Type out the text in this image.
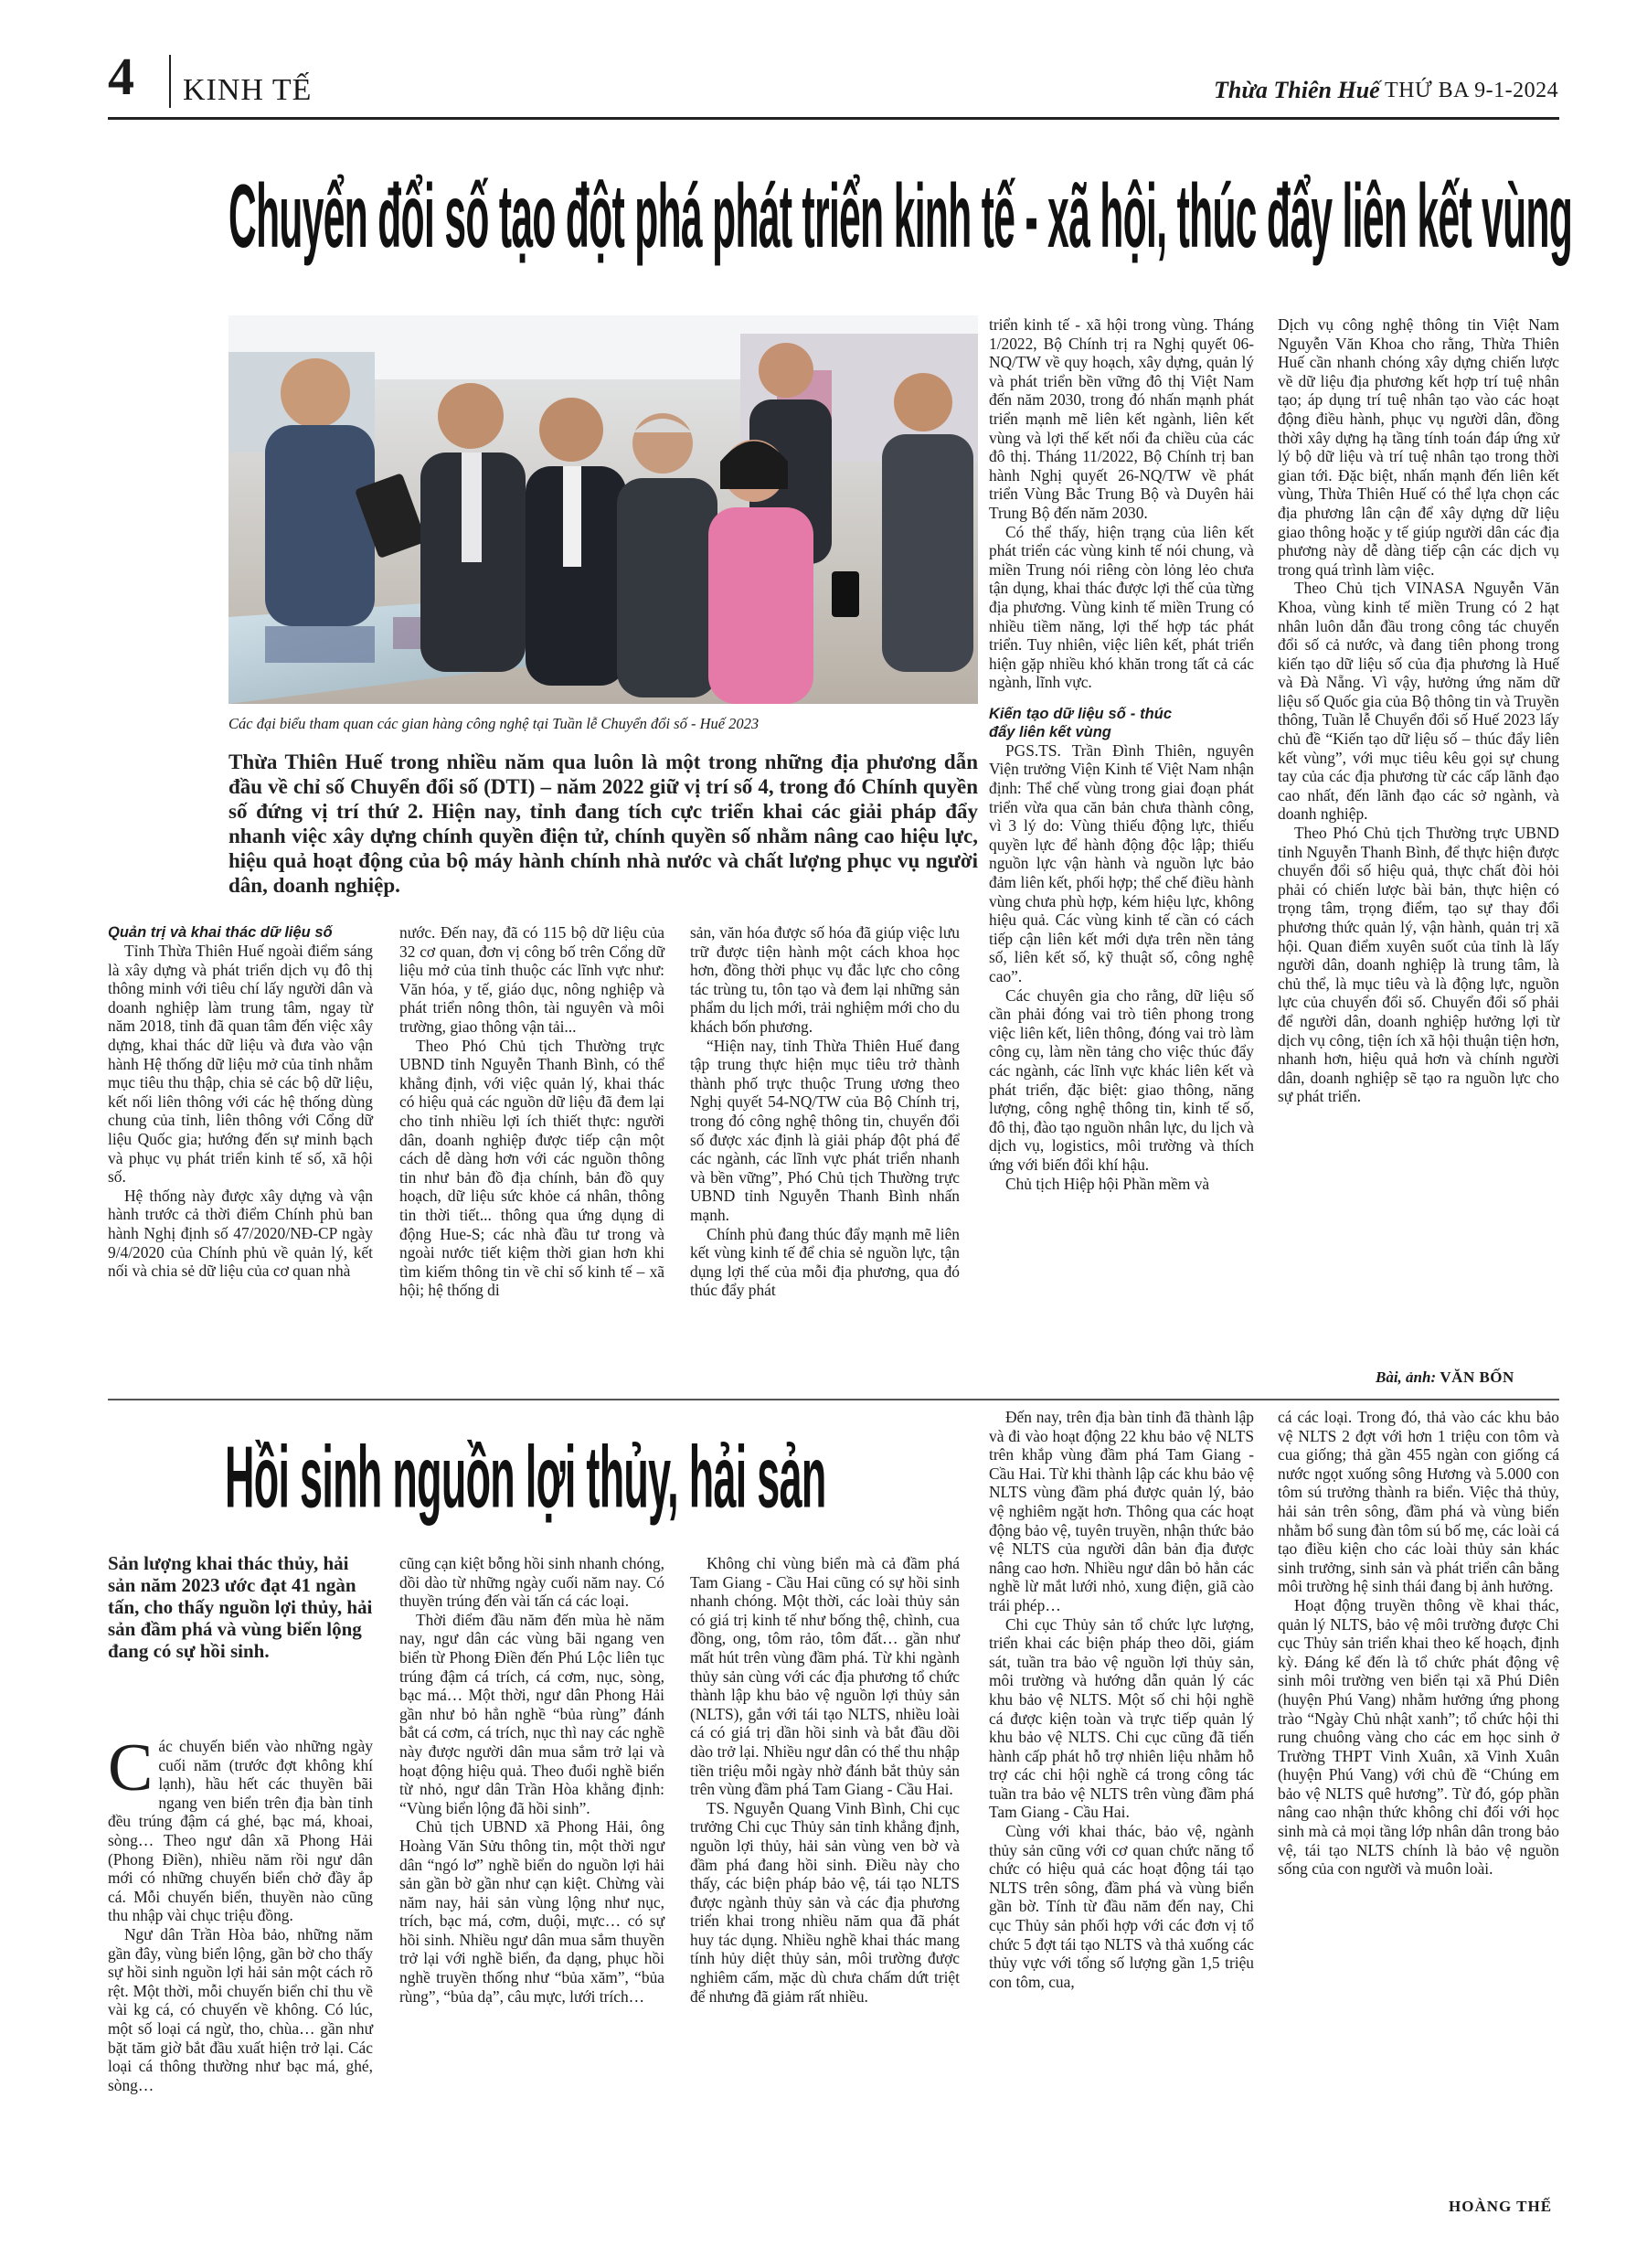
4 KINH TẾ	Thừa Thiên Huế THỨ BA 9-1-2024
Chuyển đổi số tạo đột phá phát triển kinh tế - xã hội, thúc đẩy liên kết vùng
Các đại biểu tham quan các gian hàng công nghệ tại Tuần lễ Chuyển đổi số - Huế 2023
Thừa Thiên Huế trong nhiều năm qua luôn là một trong những địa phương dẫn đầu về chỉ số Chuyển đổi số (DTI) – năm 2022 giữ vị trí số 4, trong đó Chính quyền số đứng vị trí thứ 2. Hiện nay, tỉnh đang tích cực triển khai các giải pháp đẩy nhanh việc xây dựng chính quyền điện tử, chính quyền số nhằm nâng cao hiệu lực, hiệu quả hoạt động của bộ máy hành chính nhà nước và chất lượng phục vụ người dân, doanh nghiệp.
Quản trị và khai thác dữ liệu số

Tỉnh Thừa Thiên Huế ngoài điểm sáng là xây dựng và phát triển dịch vụ đô thị thông minh với tiêu chí lấy người dân và doanh nghiệp làm trung tâm, ngay từ năm 2018, tỉnh đã quan tâm đến việc xây dựng, khai thác dữ liệu và đưa vào vận hành Hệ thống dữ liệu mở của tỉnh nhằm mục tiêu thu thập, chia sẻ các bộ dữ liệu, kết nối liên thông với các hệ thống dùng chung của tỉnh, liên thông với Cổng dữ liệu Quốc gia; hướng đến sự minh bạch và phục vụ phát triển kinh tế số, xã hội số.

Hệ thống này được xây dựng và vận hành trước cả thời điểm Chính phủ ban hành Nghị định số 47/2020/NĐ-CP ngày 9/4/2020 của Chính phủ về quản lý, kết nối và chia sẻ dữ liệu của cơ quan nhà

nước. Đến nay, đã có 115 bộ dữ liệu của 32 cơ quan, đơn vị công bố trên Cổng dữ liệu mở của tỉnh thuộc các lĩnh vực như: Văn hóa, y tế, giáo dục, nông nghiệp và phát triển nông thôn, tài nguyên và môi trường, giao thông vận tải...

Theo Phó Chủ tịch Thường trực UBND tỉnh Nguyễn Thanh Bình, có thể khẳng định, với việc quản lý, khai thác có hiệu quả các nguồn dữ liệu đã đem lại cho tỉnh nhiều lợi ích thiết thực: người dân, doanh nghiệp được tiếp cận một cách dễ dàng hơn với các nguồn thông tin như bản đồ địa chính, bản đồ quy hoạch, dữ liệu sức khỏe cá nhân, thông tin thời tiết... thông qua ứng dụng di động Hue-S; các nhà đầu tư trong và ngoài nước tiết kiệm thời gian hơn khi tìm kiếm thông tin về chỉ số kinh tế – xã hội; hệ thống di

sản, văn hóa được số hóa đã giúp việc lưu trữ được tiện hành một cách khoa học hơn, đồng thời phục vụ đắc lực cho công tác trùng tu, tôn tạo và đem lại những sản phẩm du lịch mới, trải nghiệm mới cho du khách bốn phương.

“Hiện nay, tỉnh Thừa Thiên Huế đang tập trung thực hiện mục tiêu trở thành thành phố trực thuộc Trung ương theo Nghị quyết 54-NQ/TW của Bộ Chính trị, trong đó công nghệ thông tin, chuyển đổi số được xác định là giải pháp đột phá để các ngành, các lĩnh vực phát triển nhanh và bền vững”, Phó Chủ tịch Thường trực UBND tỉnh Nguyễn Thanh Bình nhấn mạnh.

Chính phủ đang thúc đẩy mạnh mẽ liên kết vùng kinh tế để chia sẻ nguồn lực, tận dụng lợi thế của mỗi địa phương, qua đó thúc đẩy phát

triển kinh tế - xã hội trong vùng. Tháng 1/2022, Bộ Chính trị ra Nghị quyết 06-NQ/TW về quy hoạch, xây dựng, quản lý và phát triển bền vững đô thị Việt Nam đến năm 2030, trong đó nhấn mạnh phát triển mạnh mẽ liên kết ngành, liên kết vùng và lợi thế kết nối đa chiều của các đô thị. Tháng 11/2022, Bộ Chính trị ban hành Nghị quyết 26-NQ/TW về phát triển Vùng Bắc Trung Bộ và Duyên hải Trung Bộ đến năm 2030.

Có thể thấy, hiện trạng của liên kết phát triển các vùng kinh tế nói chung, và miền Trung nói riêng còn lỏng lẻo chưa tận dụng, khai thác được lợi thế của từng địa phương. Vùng kinh tế miền Trung có nhiều tiềm năng, lợi thế hợp tác phát triển. Tuy nhiên, việc liên kết, phát triển hiện gặp nhiều khó khăn trong tất cả các ngành, lĩnh vực.

Kiến tạo dữ liệu số - thúc đẩy liên kết vùng

PGS.TS. Trần Đình Thiên, nguyên Viện trưởng Viện Kinh tế Việt Nam nhận định: Thể chế vùng trong giai đoạn phát triển vừa qua căn bản chưa thành công, vì 3 lý do: Vùng thiếu động lực, thiếu quyền lực để hành động độc lập; thiếu nguồn lực vận hành và nguồn lực bảo đảm liên kết, phối hợp; thể chế điều hành vùng chưa phù hợp, kém hiệu lực, không hiệu quả. Các vùng kinh tế cần có cách tiếp cận liên kết mới dựa trên nền tảng số, liên kết số, kỹ thuật số, công nghệ cao”.

Các chuyên gia cho rằng, dữ liệu số cần phải đóng vai trò tiên phong trong việc liên kết, liên thông, đóng vai trò làm công cụ, làm nền tảng cho việc thúc đẩy các ngành, các lĩnh vực khác liên kết và phát triển, đặc biệt: giao thông, năng lượng, công nghệ thông tin, kinh tế số, đô thị, đào tạo nguồn nhân lực, du lịch và dịch vụ, logistics, môi trường và thích ứng với biến đổi khí hậu.

Chủ tịch Hiệp hội Phần mềm và

Dịch vụ công nghệ thông tin Việt Nam Nguyễn Văn Khoa cho rằng, Thừa Thiên Huế cần nhanh chóng xây dựng chiến lược về dữ liệu địa phương kết hợp trí tuệ nhân tạo; áp dụng trí tuệ nhân tạo vào các hoạt động điều hành, phục vụ người dân, đồng thời xây dựng hạ tầng tính toán đáp ứng xử lý bộ dữ liệu và trí tuệ nhân tạo trong thời gian tới. Đặc biệt, nhấn mạnh đến liên kết vùng, Thừa Thiên Huế có thể lựa chọn các địa phương lân cận để xây dựng dữ liệu giao thông hoặc y tế giúp người dân các địa phương này dễ dàng tiếp cận các dịch vụ trong quá trình làm việc.

Theo Chủ tịch VINASA Nguyễn Văn Khoa, vùng kinh tế miền Trung có 2 hạt nhân luôn dẫn đầu trong công tác chuyển đổi số cả nước, và đang tiên phong trong kiến tạo dữ liệu số của địa phương là Huế và Đà Nẵng. Vì vậy, hưởng ứng năm dữ liệu số Quốc gia của Bộ thông tin và Truyền thông, Tuần lễ Chuyển đổi số Huế 2023 lấy chủ đề “Kiến tạo dữ liệu số – thúc đẩy liên kết vùng”, với mục tiêu kêu gọi sự chung tay của các địa phương từ các cấp lãnh đạo cao nhất, đến lãnh đạo các sở ngành, và doanh nghiệp.

Theo Phó Chủ tịch Thường trực UBND tỉnh Nguyễn Thanh Bình, để thực hiện được chuyển đổi số hiệu quả, thực chất đòi hỏi phải có chiến lược bài bản, thực hiện có trọng tâm, trọng điểm, tạo sự thay đổi phương thức quản lý, vận hành, quản trị xã hội. Quan điểm xuyên suốt của tỉnh là lấy người dân, doanh nghiệp là trung tâm, là chủ thể, là mục tiêu và là động lực, nguồn lực của chuyển đổi số. Chuyển đổi số phải để người dân, doanh nghiệp hưởng lợi từ dịch vụ công, tiện ích xã hội thuận tiện hơn, nhanh hơn, hiệu quả hơn và chính người dân, doanh nghiệp sẽ tạo ra nguồn lực cho sự phát triển.

Bài, ảnh: VĂN BỐN
Hồi sinh nguồn lợi thủy, hải sản
Sản lượng khai thác thủy, hải sản năm 2023 ước đạt 41 ngàn tấn, cho thấy nguồn lợi thủy, hải sản đầm phá và vùng biển lộng đang có sự hồi sinh.

Các chuyến biển vào những ngày cuối năm (trước đợt không khí lạnh), hầu hết các thuyền bãi ngang ven biển trên địa bàn tỉnh đều trúng đậm cá ghé, bạc má, khoai, sòng… Theo ngư dân xã Phong Hải (Phong Điền), nhiều năm rồi ngư dân mới có những chuyến biển chở đầy ắp cá. Mỗi chuyến biển, thuyền nào cũng thu nhập vài chục triệu đồng.

Ngư dân Trần Hòa bảo, những năm gần đây, vùng biển lộng, gần bờ cho thấy sự hồi sinh nguồn lợi hải sản một cách rõ rệt. Một thời, mỗi chuyến biển chỉ thu về vài kg cá, có chuyến về không. Có lúc, một số loại cá ngừ, tho, chùa… gần như bặt tăm giờ bắt đầu xuất hiện trở lại. Các loại cá thông thường như bạc má, ghé, sòng…

cũng cạn kiệt bỗng hồi sinh nhanh chóng, dồi dào từ những ngày cuối năm nay. Có thuyền trúng đến vài tấn cá các loại.

Thời điểm đầu năm đến mùa hè năm nay, ngư dân các vùng bãi ngang ven biển từ Phong Điền đến Phú Lộc liên tục trúng đậm cá trích, cá cơm, nục, sòng, bạc má… Một thời, ngư dân Phong Hải gần như bỏ hẳn nghề “bủa rùng” đánh bắt cá cơm, cá trích, nục thì nay các nghề này được người dân mua sắm trở lại và hoạt động hiệu quả. Theo đuổi nghề biển từ nhỏ, ngư dân Trần Hòa khẳng định: “Vùng biển lộng đã hồi sinh”.

Chủ tịch UBND xã Phong Hải, ông Hoàng Văn Sửu thông tin, một thời ngư dân “ngó lơ” nghề biển do nguồn lợi hải sản gần bờ gần như cạn kiệt. Chừng vài năm nay, hải sản vùng lộng như nục, trích, bạc má, cơm, duội, mực… có sự hồi sinh. Nhiều ngư dân mua sắm thuyền trở lại với nghề biển, đa dạng, phục hồi nghề truyền thống như “bủa xăm”, “bủa rùng”, “bủa dạ”, câu mực, lưới trích…

Không chỉ vùng biển mà cả đầm phá Tam Giang - Cầu Hai cũng có sự hồi sinh nhanh chóng. Một thời, các loài thủy sản có giá trị kinh tế như bống thệ, chình, cua đồng, ong, tôm rảo, tôm đất… gần như mất hút trên vùng đầm phá. Từ khi ngành thủy sản cùng với các địa phương tổ chức thành lập khu bảo vệ nguồn lợi thủy sản (NLTS), gắn với tái tạo NLTS, nhiều loài cá có giá trị dần hồi sinh và bắt đầu dồi dào trở lại. Nhiều ngư dân có thể thu nhập tiền triệu mỗi ngày nhờ đánh bắt thủy sản trên vùng đầm phá Tam Giang - Cầu Hai.

TS. Nguyễn Quang Vinh Bình, Chi cục trưởng Chi cục Thủy sản tỉnh khẳng định, nguồn lợi thủy, hải sản vùng ven bờ và đầm phá đang hồi sinh. Điều này cho thấy, các biện pháp bảo vệ, tái tạo NLTS được ngành thủy sản và các địa phương triển khai trong nhiều năm qua đã phát huy tác dụng. Nhiều nghề khai thác mang tính hủy diệt thủy sản, môi trường được nghiêm cấm, mặc dù chưa chấm dứt triệt để nhưng đã giảm rất nhiều.

Đến nay, trên địa bàn tỉnh đã thành lập và đi vào hoạt động 22 khu bảo vệ NLTS trên khắp vùng đầm phá Tam Giang - Cầu Hai. Từ khi thành lập các khu bảo vệ NLTS vùng đầm phá được quản lý, bảo vệ nghiêm ngặt hơn. Thông qua các hoạt động bảo vệ, tuyên truyền, nhận thức bảo vệ NLTS của người dân bản địa được nâng cao hơn. Nhiều ngư dân bỏ hẳn các nghề lừ mắt lưới nhỏ, xung điện, giã cào trái phép…

Chi cục Thủy sản tổ chức lực lượng, triển khai các biện pháp theo dõi, giám sát, tuần tra bảo vệ nguồn lợi thủy sản, môi trường và hướng dẫn quản lý các khu bảo vệ NLTS. Một số chi hội nghề cá được kiện toàn và trực tiếp quản lý khu bảo vệ NLTS. Chi cục cũng đã tiến hành cấp phát hỗ trợ nhiên liệu nhằm hỗ trợ các chi hội nghề cá trong công tác tuần tra bảo vệ NLTS trên vùng đầm phá Tam Giang - Cầu Hai.

Cùng với khai thác, bảo vệ, ngành thủy sản cũng với cơ quan chức năng tổ chức có hiệu quả các hoạt động tái tạo NLTS trên sông, đầm phá và vùng biển gần bờ. Tính từ đầu năm đến nay, Chi cục Thủy sản phối hợp với các đơn vị tổ chức 5 đợt tái tạo NLTS và thả xuống các thủy vực với tổng số lượng gần 1,5 triệu con tôm, cua,

cá các loại. Trong đó, thả vào các khu bảo vệ NLTS 2 đợt với hơn 1 triệu con tôm và cua giống; thả gần 455 ngàn con giống cá nước ngọt xuống sông Hương và 5.000 con tôm sú trưởng thành ra biển. Việc thả thủy, hải sản trên sông, đầm phá và vùng biển nhằm bổ sung đàn tôm sú bố mẹ, các loài cá tạo điều kiện cho các loài thủy sản khác sinh trưởng, sinh sản và phát triển cân bằng môi trường hệ sinh thái đang bị ảnh hưởng.

Hoạt động truyền thông về khai thác, quản lý NLTS, bảo vệ môi trường được Chi cục Thủy sản triển khai theo kế hoạch, định kỳ. Đáng kể đến là tổ chức phát động vệ sinh môi trường ven biển tại xã Phú Diên (huyện Phú Vang) nhằm hưởng ứng phong trào “Ngày Chủ nhật xanh”; tổ chức hội thi rung chuông vàng cho các em học sinh ở Trường THPT Vinh Xuân, xã Vinh Xuân (huyện Phú Vang) với chủ đề “Chúng em bảo vệ NLTS quê hương”. Từ đó, góp phần nâng cao nhận thức không chỉ đối với học sinh mà cả mọi tầng lớp nhân dân trong bảo vệ, tái tạo NLTS chính là bảo vệ nguồn sống của con người và muôn loài.

HOÀNG THẾ
